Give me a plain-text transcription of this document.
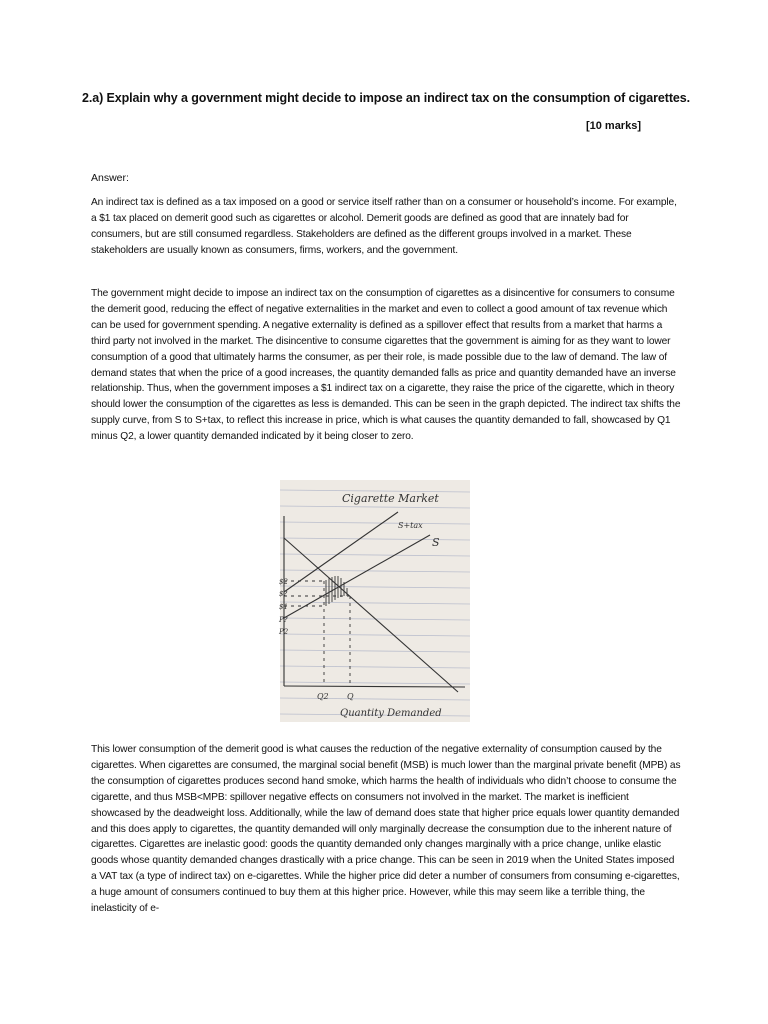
2.a) Explain why a government might decide to impose an indirect tax on the consumption of cigarettes.
[10 marks]
Answer:

An indirect tax is defined as a tax imposed on a good or service itself rather than on a consumer or household’s income. For example, a $1 tax placed on demerit good such as cigarettes or alcohol. Demerit goods are defined as good that are innately bad for consumers, but are still consumed regardless. Stakeholders are defined as the different groups involved in a market. These stakeholders are usually known as consumers, firms, workers, and the government.

The government might decide to impose an indirect tax on the consumption of cigarettes as a disincentive for consumers to consume the demerit good, reducing the effect of negative externalities in the market and even to collect a good amount of tax revenue which can be used for government spending. A negative externality is defined as a spillover effect that results from a market that harms a third party not involved in the market. The disincentive to consume cigarettes that the government is aiming for as they want to lower consumption of a good that ultimately harms the consumer, as per their role, is made possible due to the law of demand. The law of demand states that when the price of a good increases, the quantity demanded falls as price and quantity demanded have an inverse relationship. Thus, when the government imposes a $1 indirect tax on a cigarette, they raise the price of the cigarette, which in theory should lower the consumption of the cigarettes as less is demanded. This can be seen in the graph depicted. The indirect tax shifts the supply curve, from S to S+tax, to reflect this increase in price, which is what causes the quantity demanded to fall, showcased by Q1 minus Q2, a lower quantity demanded indicated by it being closer to zero.

Cigarette Market
S+tax
S
$2
$?
$1
P?
P2
Q2 Q
Quantity Demanded

This lower consumption of the demerit good is what causes the reduction of the negative externality of consumption caused by the cigarettes. When cigarettes are consumed, the marginal social benefit (MSB) is much lower than the marginal private benefit (MPB) as the consumption of cigarettes produces second hand smoke, which harms the health of individuals who didn’t choose to consume the cigarette, and thus MSB<MPB: spillover negative effects on consumers not involved in the market. The market is inefficient showcased by the deadweight loss. Additionally, while the law of demand does state that higher price equals lower quantity demanded and this does apply to cigarettes, the quantity demanded will only marginally decrease the consumption due to the inherent nature of cigarettes. Cigarettes are inelastic good: goods the quantity demanded only changes marginally with a price change, unlike elastic goods whose quantity demanded changes drastically with a price change. This can be seen in 2019 when the United States imposed a VAT tax (a type of indirect tax) on e-cigarettes. While the higher price did deter a number of consumers from consuming e-cigarettes, a huge amount of consumers continued to buy them at this higher price. However, while this may seem like a terrible thing, the inelasticity of e-
